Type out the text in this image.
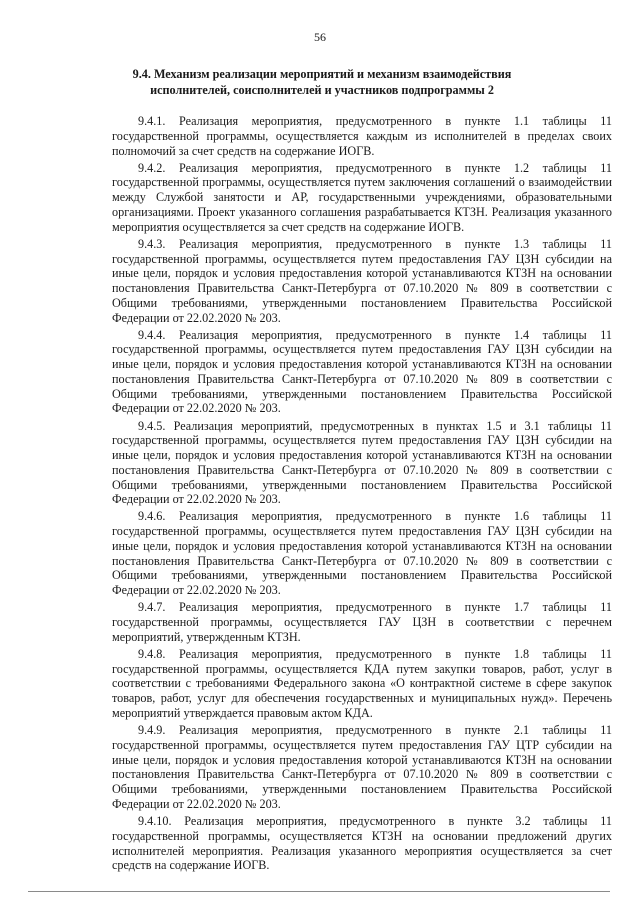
56
9.4. Механизм реализации мероприятий и механизм взаимодействия исполнителей, соисполнителей и участников подпрограммы 2

9.4.1. Реализация мероприятия, предусмотренного в пункте 1.1 таблицы 11 государственной программы, осуществляется каждым из исполнителей в пределах своих полномочий за счет средств на содержание ИОГВ.

9.4.2. Реализация мероприятия, предусмотренного в пункте 1.2 таблицы 11 государственной программы, осуществляется путем заключения соглашений о взаимодействии между Службой занятости и АР, государственными учреждениями, образовательными организациями. Проект указанного соглашения разрабатывается КТЗН. Реализация указанного мероприятия осуществляется за счет средств на содержание ИОГВ.

9.4.3. Реализация мероприятия, предусмотренного в пункте 1.3 таблицы 11 государственной программы, осуществляется путем предоставления ГАУ ЦЗН субсидии на иные цели, порядок и условия предоставления которой устанавливаются КТЗН на основании постановления Правительства Санкт-Петербурга от 07.10.2020 № 809 в соответствии с Общими требованиями, утвержденными постановлением Правительства Российской Федерации от 22.02.2020 № 203.

9.4.4. Реализация мероприятия, предусмотренного в пункте 1.4 таблицы 11 государственной программы, осуществляется путем предоставления ГАУ ЦЗН субсидии на иные цели, порядок и условия предоставления которой устанавливаются КТЗН на основании постановления Правительства Санкт-Петербурга от 07.10.2020 № 809 в соответствии с Общими требованиями, утвержденными постановлением Правительства Российской Федерации от 22.02.2020 № 203.

9.4.5. Реализация мероприятий, предусмотренных в пунктах 1.5 и 3.1 таблицы 11 государственной программы, осуществляется путем предоставления ГАУ ЦЗН субсидии на иные цели, порядок и условия предоставления которой устанавливаются КТЗН на основании постановления Правительства Санкт-Петербурга от 07.10.2020 № 809 в соответствии с Общими требованиями, утвержденными постановлением Правительства Российской Федерации от 22.02.2020 № 203.

9.4.6. Реализация мероприятия, предусмотренного в пункте 1.6 таблицы 11 государственной программы, осуществляется путем предоставления ГАУ ЦЗН субсидии на иные цели, порядок и условия предоставления которой устанавливаются КТЗН на основании постановления Правительства Санкт-Петербурга от 07.10.2020 № 809 в соответствии с Общими требованиями, утвержденными постановлением Правительства Российской Федерации от 22.02.2020 № 203.

9.4.7. Реализация мероприятия, предусмотренного в пункте 1.7 таблицы 11 государственной программы, осуществляется ГАУ ЦЗН в соответствии с перечнем мероприятий, утвержденным КТЗН.

9.4.8. Реализация мероприятия, предусмотренного в пункте 1.8 таблицы 11 государственной программы, осуществляется КДА путем закупки товаров, работ, услуг в соответствии с требованиями Федерального закона «О контрактной системе в сфере закупок товаров, работ, услуг для обеспечения государственных и муниципальных нужд». Перечень мероприятий утверждается правовым актом КДА.

9.4.9. Реализация мероприятия, предусмотренного в пункте 2.1 таблицы 11 государственной программы, осуществляется путем предоставления ГАУ ЦТР субсидии на иные цели, порядок и условия предоставления которой устанавливаются КТЗН на основании постановления Правительства Санкт-Петербурга от 07.10.2020 № 809 в соответствии с Общими требованиями, утвержденными постановлением Правительства Российской Федерации от 22.02.2020 № 203.

9.4.10. Реализация мероприятия, предусмотренного в пункте 3.2 таблицы 11 государственной программы, осуществляется КТЗН на основании предложений других исполнителей мероприятия. Реализация указанного мероприятия осуществляется за счет средств на содержание ИОГВ.
